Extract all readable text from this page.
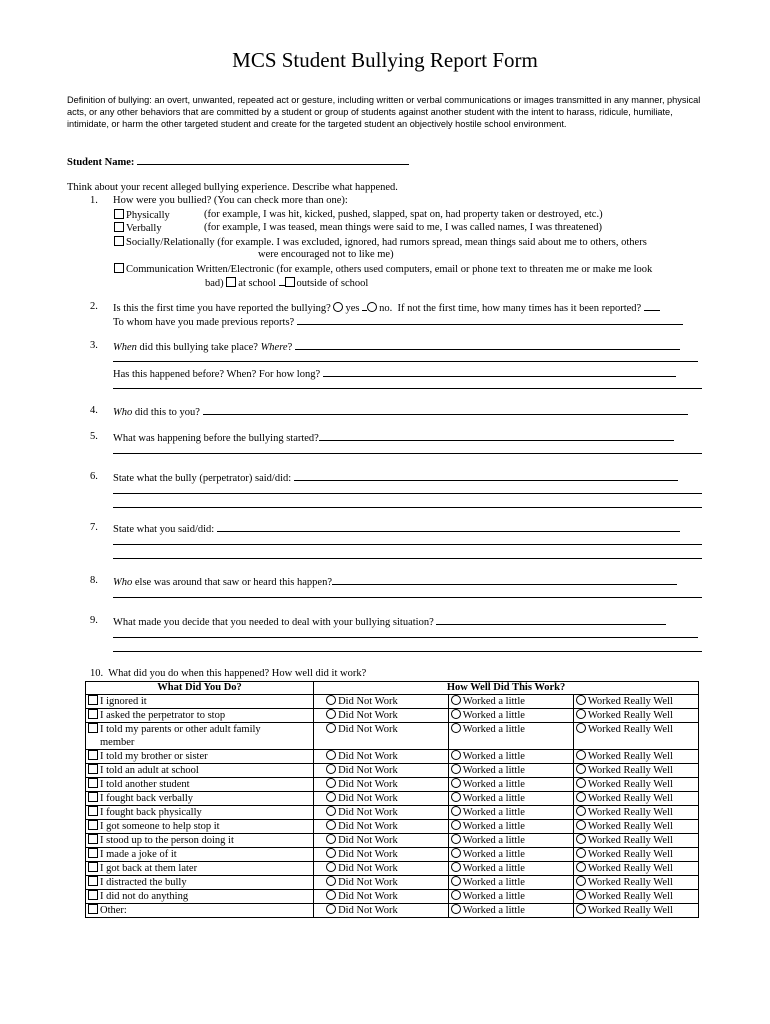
MCS Student Bullying Report Form
Definition of bullying: an overt, unwanted, repeated act or gesture, including written or verbal communications or images transmitted in any manner, physical acts, or any other behaviors that are committed by a student or group of students against another student with the intent to harass, ridicule, humiliate, intimidate, or harm the other targeted student and create for the targeted student an objectively hostile school environment.
Student Name:
Think about your recent alleged bullying experience. Describe what happened.
1. How were you bullied? (You can check more than one):
Physically	(for example, I was hit, kicked, pushed, slapped, spat on, had property taken or destroyed, etc.)
Verbally	(for example, I was teased, mean things were said to me, I was called names, I was threatened)
Socially/Relationally (for example. I was excluded, ignored, had rumors spread, mean things said about me to others, others
were encouraged not to like me)
Communication Written/Electronic (for example, others used computers, email or phone text to threaten me or make me look
bad) at school outside of school
2. Is this the first time you have reported the bullying? yes no. If not the first time, how many times has it been reported?
To whom have you made previous reports?
3. When did this bullying take place? Where?
Has this happened before? When? For how long?
4. Who did this to you?
5. What was happening before the bullying started?
6. State what the bully (perpetrator) said/did:
7. State what you said/did:
8. Who else was around that saw or heard this happen?
9. What made you decide that you needed to deal with your bullying situation?
10. What did you do when this happened? How well did it work?
What Did You Do?	How Well Did This Work?		
I ignored it	Did Not Work	Worked a little	Worked Really Well
I asked the perpetrator to stop	Did Not Work	Worked a little	Worked Really Well
I told my parents or other adult family
member	Did Not Work	Worked a little	Worked Really Well
I told my brother or sister	Did Not Work	Worked a little	Worked Really Well
I told an adult at school	Did Not Work	Worked a little	Worked Really Well
I told another student	Did Not Work	Worked a little	Worked Really Well
I fought back verbally	Did Not Work	Worked a little	Worked Really Well
I fought back physically	Did Not Work	Worked a little	Worked Really Well
I got someone to help stop it	Did Not Work	Worked a little	Worked Really Well
I stood up to the person doing it	Did Not Work	Worked a little	Worked Really Well
I made a joke of it	Did Not Work	Worked a little	Worked Really Well
I got back at them later	Did Not Work	Worked a little	Worked Really Well
I distracted the bully	Did Not Work	Worked a little	Worked Really Well
I did not do anything	Did Not Work	Worked a little	Worked Really Well
Other:	Did Not Work	Worked a little	Worked Really Well
